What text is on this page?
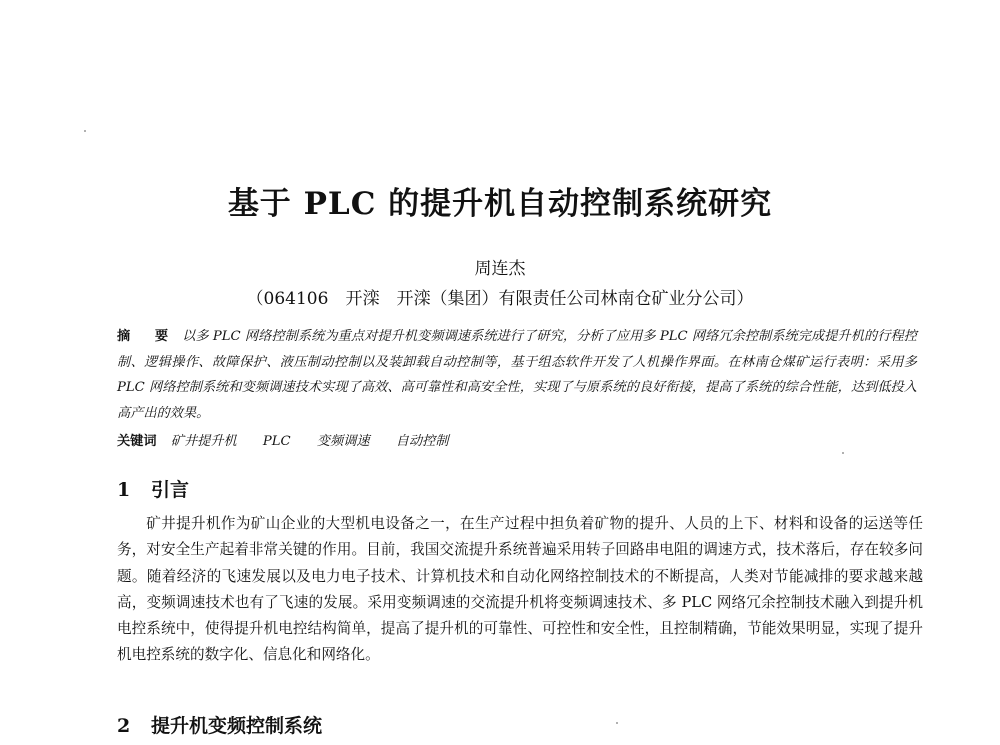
基于 PLC 的提升机自动控制系统研究
周连杰
（064106　开滦　开滦（集团）有限责任公司林南仓矿业分公司）

摘 要 以多 PLC 网络控制系统为重点对提升机变频调速系统进行了研究，分析了应用多 PLC 网络冗余控制系统完成提升机的行程控制、逻辑操作、故障保护、液压制动控制以及装卸载自动控制等，基于组态软件开发了人机操作界面。在林南仓煤矿运行表明：采用多 PLC 网络控制系统和变频调速技术实现了高效、高可靠性和高安全性，实现了与原系统的良好衔接，提高了系统的综合性能，达到低投入高产出的效果。

关键词 矿井提升机 PLC 变频调速 自动控制
1 引言

矿井提升机作为矿山企业的大型机电设备之一，在生产过程中担负着矿物的提升、人员的上下、材料和设备的运送等任务，对安全生产起着非常关键的作用。目前，我国交流提升系统普遍采用转子回路串电阻的调速方式，技术落后，存在较多问题。随着经济的飞速发展以及电力电子技术、计算机技术和自动化网络控制技术的不断提高，人类对节能减排的要求越来越高，变频调速技术也有了飞速的发展。采用变频调速的交流提升机将变频调速技术、多 PLC 网络冗余控制技术融入到提升机电控系统中，使得提升机电控结构简单，提高了提升机的可靠性、可控性和安全性，且控制精确，节能效果明显，实现了提升机电控系统的数字化、信息化和网络化。

2 提升机变频控制系统
